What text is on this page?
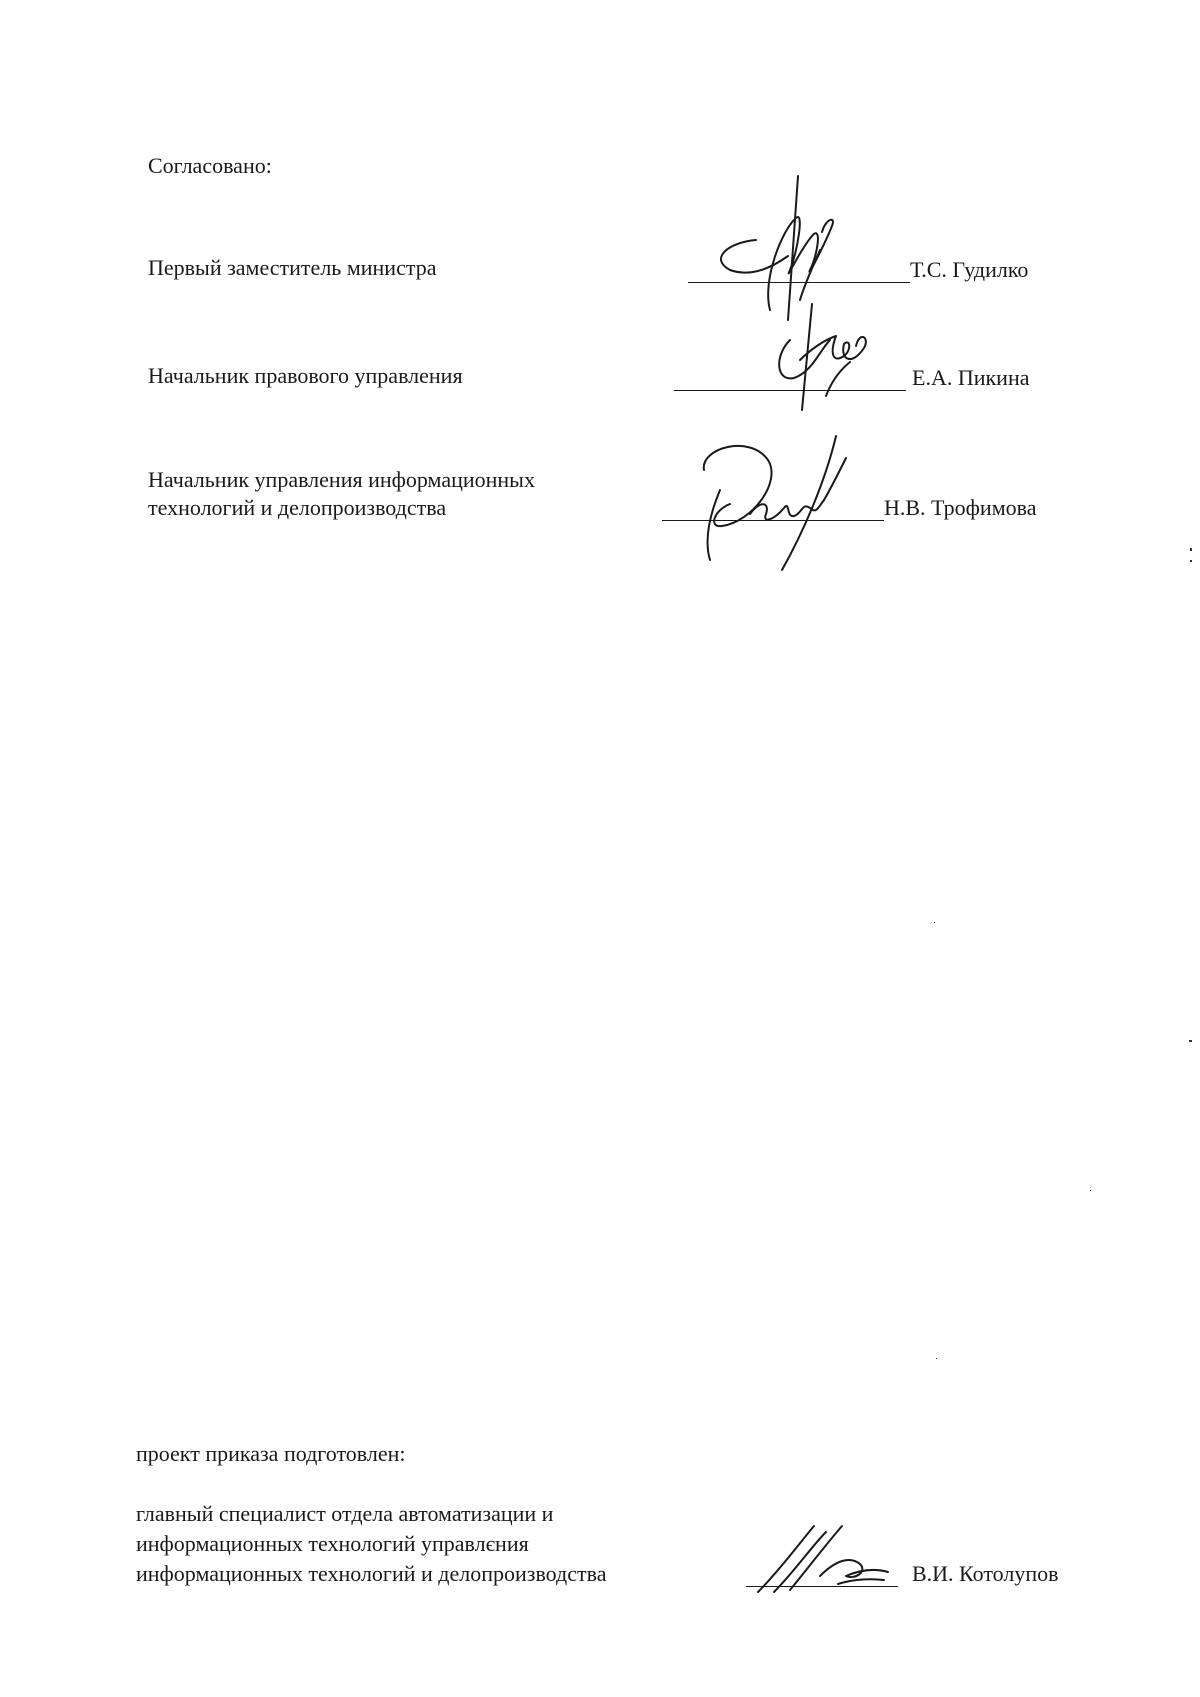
Согласовано:
Первый заместитель министра	Т.С. Гудилко
Начальник правового управления	Е.А. Пикина
Начальник управления информационных
технологий и делопроизводства	Н.В. Трофимова
проект приказа подготовлен:
главный специалист отдела автоматизации и
информационных технологий управлєния
информационных технологий и делопроизводства	В.И. Котолупов
